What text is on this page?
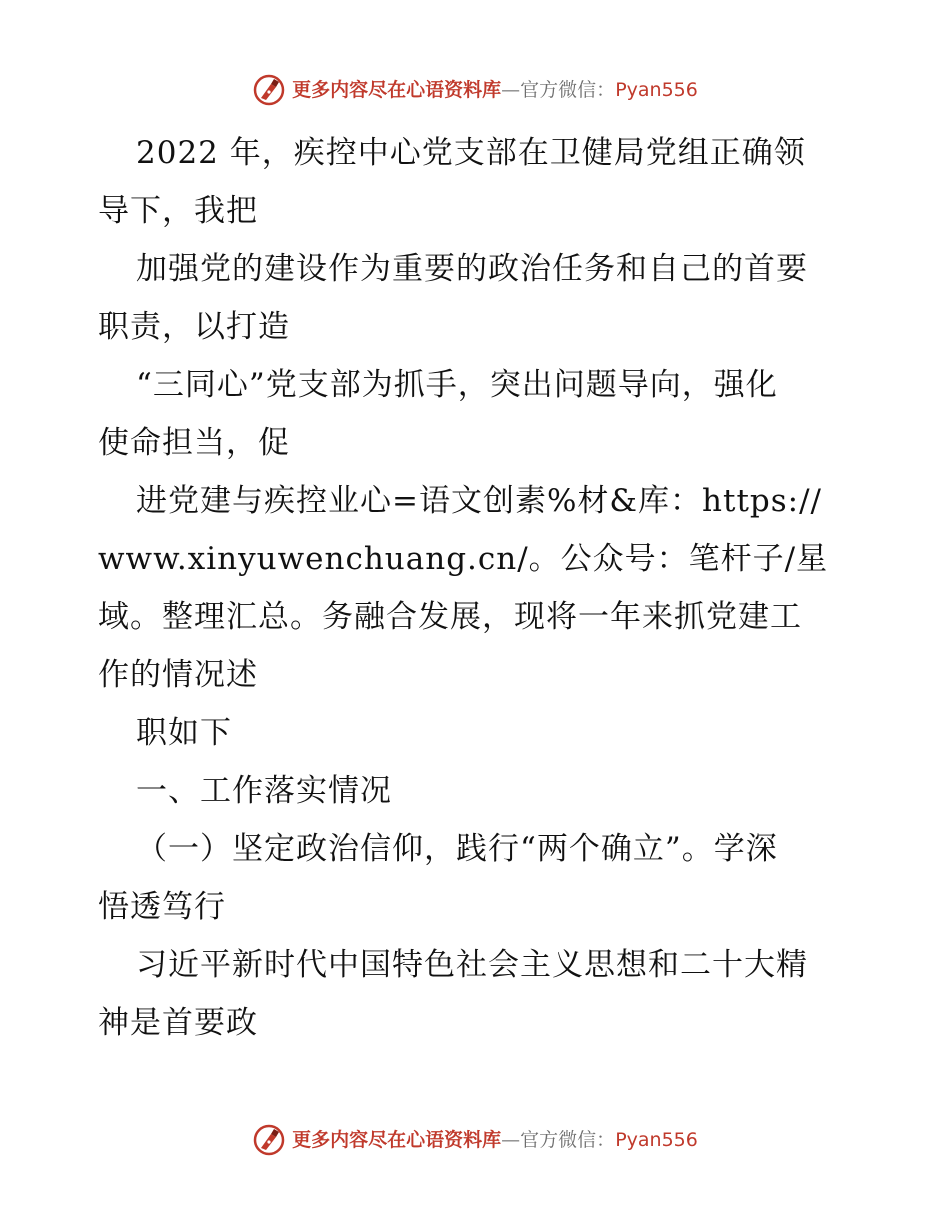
更多内容尽在心语资料库—官方微信：Pyan556
2022 年，疾控中心党支部在卫健局党组正确领
导下，我把
加强党的建设作为重要的政治任务和自己的首要
职责，以打造
“三同心”党支部为抓手，突出问题导向，强化
使命担当，促
进党建与疾控业心=语文创素%材&库：https://
www.xinyuwenchuang.cn/。公众号：笔杆子/星
域。整理汇总。务融合发展，现将一年来抓党建工
作的情况述
职如下
一、工作落实情况
（一）坚定政治信仰，践行“两个确立”。学深
悟透笃行
习近平新时代中国特色社会主义思想和二十大精
神是首要政
更多内容尽在心语资料库—官方微信：Pyan556
